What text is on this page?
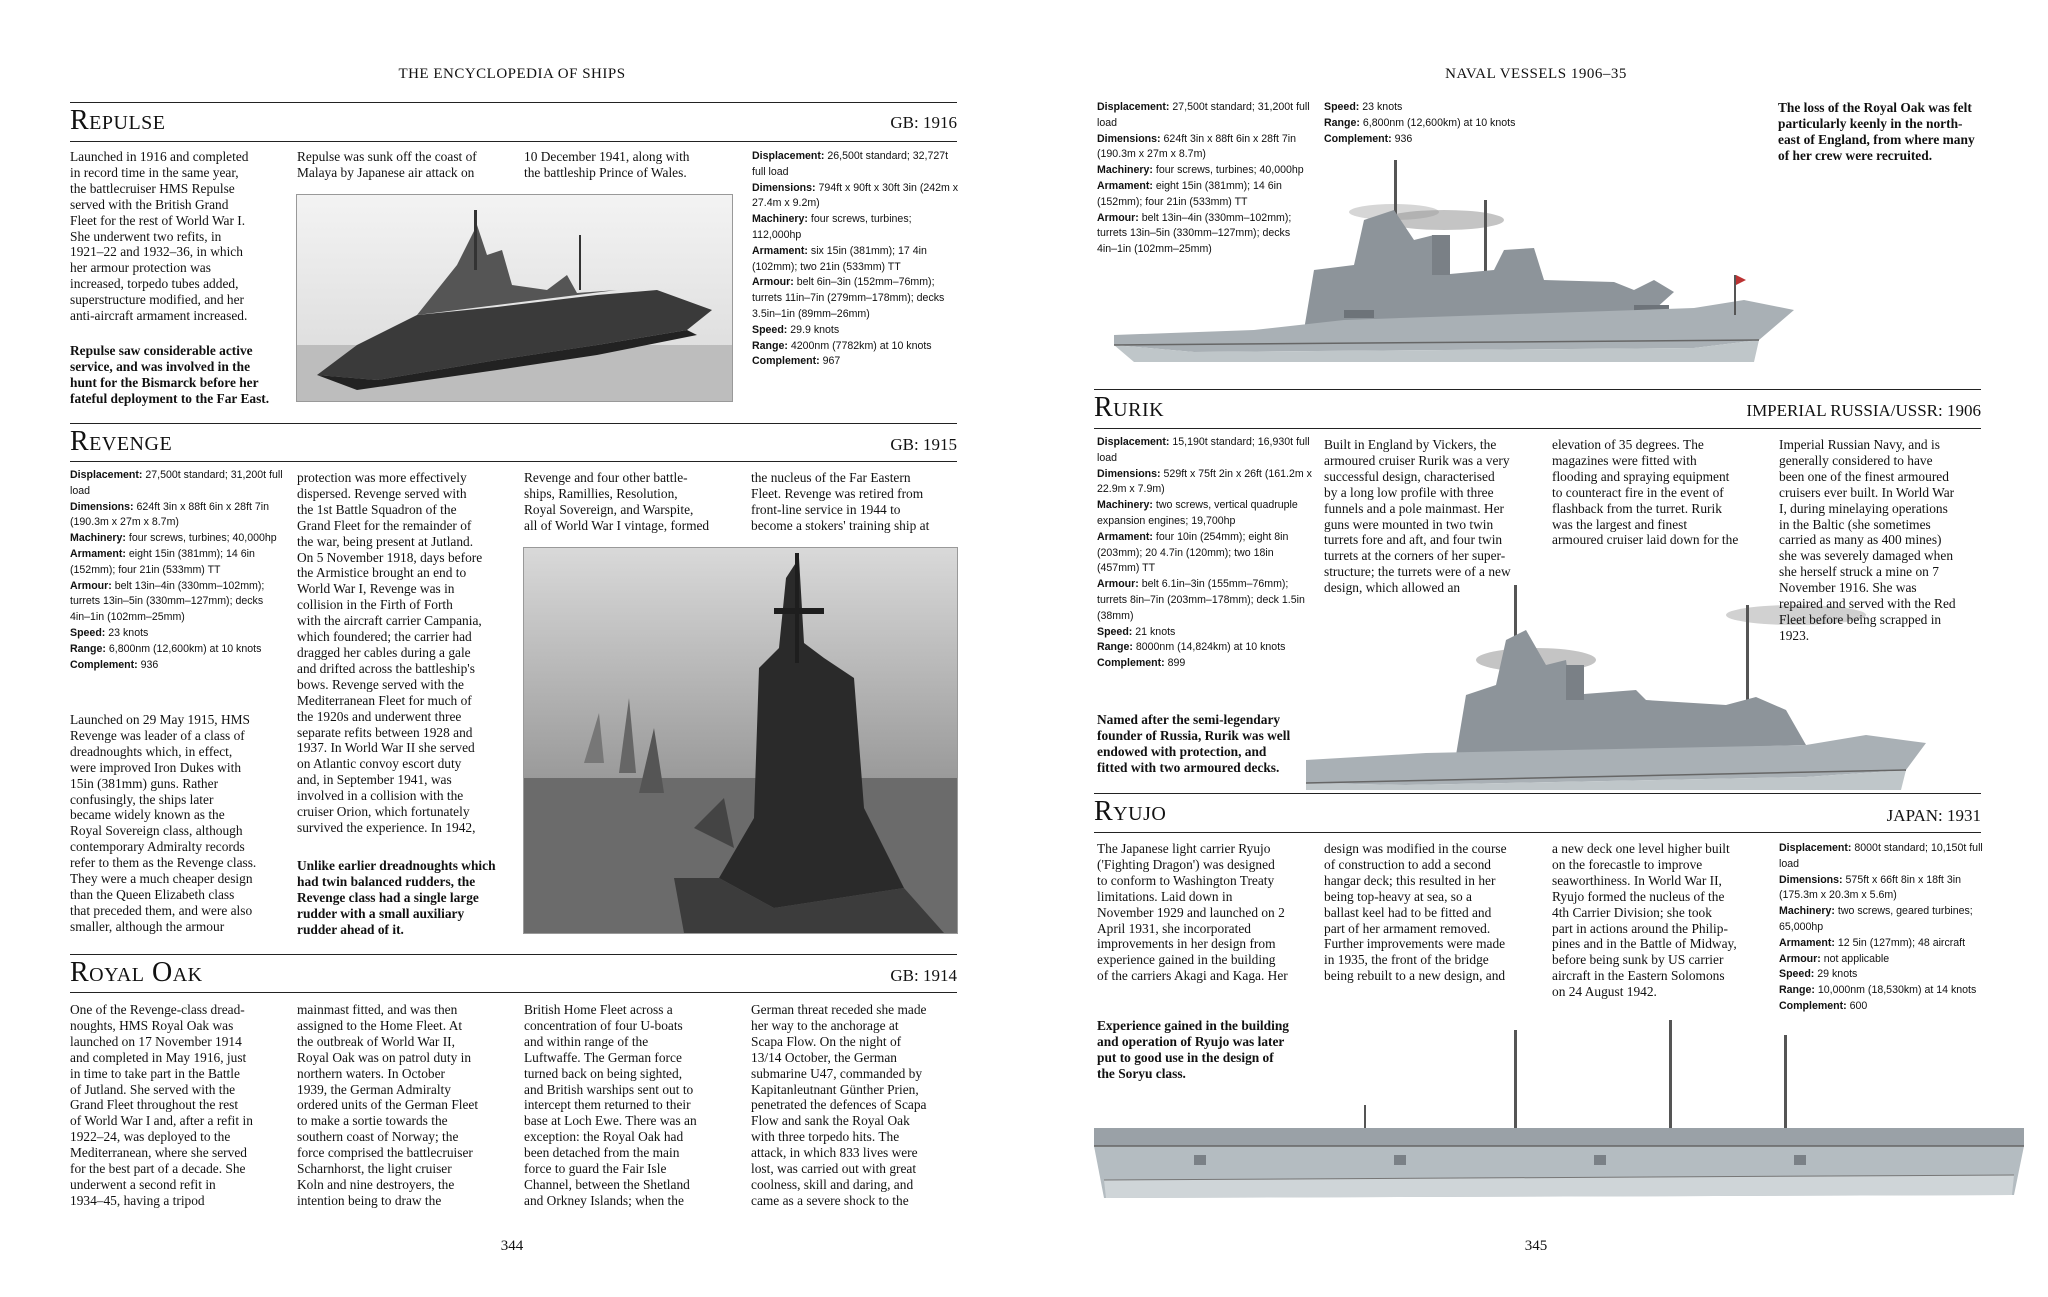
THE ENCYCLOPEDIA OF SHIPS
Repulse	GB: 1916
Launched in 1916 and completed
in record time in the same year,
the battlecruiser HMS Repulse
served with the British Grand
Fleet for the rest of World War I.
She underwent two refits, in
1921–22 and 1932–36, in which
her armour protection was
increased, torpedo tubes added,
superstructure modified, and her
anti-aircraft armament increased.
Repulse saw considerable active
service, and was involved in the
hunt for the Bismarck before her
fateful deployment to the Far East.
Repulse was sunk off the coast of
Malaya by Japanese air attack on
10 December 1941, along with
the battleship Prince of Wales.
Displacement: 26,500t standard; 32,727t full load
Dimensions: 794ft x 90ft x 30ft 3in (242m x 27.4m x 9.2m)
Machinery: four screws, turbines; 112,000hp
Armament: six 15in (381mm); 17 4in (102mm); two 21in (533mm) TT
Armour: belt 6in–3in (152mm–76mm); turrets 11in–7in (279mm–178mm); decks 3.5in–1in (89mm–26mm)
Speed: 29.9 knots
Range: 4200nm (7782km) at 10 knots
Complement: 967
Revenge	GB: 1915
Displacement: 27,500t standard; 31,200t full load
Dimensions: 624ft 3in x 88ft 6in x 28ft 7in (190.3m x 27m x 8.7m)
Machinery: four screws, turbines; 40,000hp
Armament: eight 15in (381mm); 14 6in (152mm); four 21in (533mm) TT
Armour: belt 13in–4in (330mm–102mm); turrets 13in–5in (330mm–127mm); decks 4in–1in (102mm–25mm)
Speed: 23 knots
Range: 6,800nm (12,600km) at 10 knots
Complement: 936
Launched on 29 May 1915, HMS
Revenge was leader of a class of
dreadnoughts which, in effect,
were improved Iron Dukes with
15in (381mm) guns. Rather
confusingly, the ships later
became widely known as the
Royal Sovereign class, although
contemporary Admiralty records
refer to them as the Revenge class.
They were a much cheaper design
than the Queen Elizabeth class
that preceded them, and were also
smaller, although the armour
protection was more effectively
dispersed. Revenge served with
the 1st Battle Squadron of the
Grand Fleet for the remainder of
the war, being present at Jutland.
On 5 November 1918, days before
the Armistice brought an end to
World War I, Revenge was in
collision in the Firth of Forth
with the aircraft carrier Campania,
which foundered; the carrier had
dragged her cables during a gale
and drifted across the battleship's
bows. Revenge served with the
Mediterranean Fleet for much of
the 1920s and underwent three
separate refits between 1928 and
1937. In World War II she served
on Atlantic convoy escort duty
and, in September 1941, was
involved in a collision with the
cruiser Orion, which fortunately
survived the experience. In 1942,
Unlike earlier dreadnoughts which
had twin balanced rudders, the
Revenge class had a single large
rudder with a small auxiliary
rudder ahead of it.
Revenge and four other battle-
ships, Ramillies, Resolution,
Royal Sovereign, and Warspite,
all of World War I vintage, formed
the nucleus of the Far Eastern
Fleet. Revenge was retired from
front-line service in 1944 to
become a stokers' training ship at
Royal Oak	GB: 1914
One of the Revenge-class dread-
noughts, HMS Royal Oak was
launched on 17 November 1914
and completed in May 1916, just
in time to take part in the Battle
of Jutland. She served with the
Grand Fleet throughout the rest
of World War I and, after a refit in
1922–24, was deployed to the
Mediterranean, where she served
for the best part of a decade. She
underwent a second refit in
1934–45, having a tripod
mainmast fitted, and was then
assigned to the Home Fleet. At
the outbreak of World War II,
Royal Oak was on patrol duty in
northern waters. In October
1939, the German Admiralty
ordered units of the German Fleet
to make a sortie towards the
southern coast of Norway; the
force comprised the battlecruiser
Scharnhorst, the light cruiser
Koln and nine destroyers, the
intention being to draw the
British Home Fleet across a
concentration of four U-boats
and within range of the
Luftwaffe. The German force
turned back on being sighted,
and British warships sent out to
intercept them returned to their
base at Loch Ewe. There was an
exception: the Royal Oak had
been detached from the main
force to guard the Fair Isle
Channel, between the Shetland
and Orkney Islands; when the
German threat receded she made
her way to the anchorage at
Scapa Flow. On the night of
13/14 October, the German
submarine U47, commanded by
Kapitanleutnant Günther Prien,
penetrated the defences of Scapa
Flow and sank the Royal Oak
with three torpedo hits. The
attack, in which 833 lives were
lost, was carried out with great
coolness, skill and daring, and
came as a severe shock to the
344
NAVAL VESSELS 1906–35
Displacement: 27,500t standard; 31,200t full load
Dimensions: 624ft 3in x 88ft 6in x 28ft 7in (190.3m x 27m x 8.7m)
Machinery: four screws, turbines; 40,000hp
Armament: eight 15in (381mm); 14 6in (152mm); four 21in (533mm) TT
Armour: belt 13in–4in (330mm–102mm); turrets 13in–5in (330mm–127mm); decks 4in–1in (102mm–25mm)
Speed: 23 knots
Range: 6,800nm (12,600km) at 10 knots
Complement: 936
The loss of the Royal Oak was felt
particularly keenly in the north-
east of England, from where many
of her crew were recruited.
Rurik	IMPERIAL RUSSIA/USSR: 1906
Displacement: 15,190t standard; 16,930t full load
Dimensions: 529ft x 75ft 2in x 26ft (161.2m x 22.9m x 7.9m)
Machinery: two screws, vertical quadruple expansion engines; 19,700hp
Armament: four 10in (254mm); eight 8in (203mm); 20 4.7in (120mm); two 18in (457mm) TT
Armour: belt 6.1in–3in (155mm–76mm); turrets 8in–7in (203mm–178mm); deck 1.5in (38mm)
Speed: 21 knots
Range: 8000nm (14,824km) at 10 knots
Complement: 899
Named after the semi-legendary
founder of Russia, Rurik was well
endowed with protection, and
fitted with two armoured decks.
Built in England by Vickers, the
armoured cruiser Rurik was a very
successful design, characterised
by a long low profile with three
funnels and a pole mainmast. Her
guns were mounted in two twin
turrets fore and aft, and four twin
turrets at the corners of her super-
structure; the turrets were of a new
design, which allowed an
elevation of 35 degrees. The
magazines were fitted with
flooding and spraying equipment
to counteract fire in the event of
flashback from the turret. Rurik
was the largest and finest
armoured cruiser laid down for the
Imperial Russian Navy, and is
generally considered to have
been one of the finest armoured
cruisers ever built. In World War
I, during minelaying operations
in the Baltic (she sometimes
carried as many as 400 mines)
she was severely damaged when
she herself struck a mine on 7
November 1916. She was
repaired and served with the Red
Fleet before being scrapped in
1923.
Ryujo	JAPAN: 1931
The Japanese light carrier Ryujo
('Fighting Dragon') was designed
to conform to Washington Treaty
limitations. Laid down in
November 1929 and launched on 2
April 1931, she incorporated
improvements in her design from
experience gained in the building
of the carriers Akagi and Kaga. Her
Experience gained in the building
and operation of Ryujo was later
put to good use in the design of
the Soryu class.
design was modified in the course
of construction to add a second
hangar deck; this resulted in her
being top-heavy at sea, so a
ballast keel had to be fitted and
part of her armament removed.
Further improvements were made
in 1935, the front of the bridge
being rebuilt to a new design, and
a new deck one level higher built
on the forecastle to improve
seaworthiness. In World War II,
Ryujo formed the nucleus of the
4th Carrier Division; she took
part in actions around the Philip-
pines and in the Battle of Midway,
before being sunk by US carrier
aircraft in the Eastern Solomons
on 24 August 1942.
Displacement: 8000t standard; 10,150t full load
Dimensions: 575ft x 66ft 8in x 18ft 3in (175.3m x 20.3m x 5.6m)
Machinery: two screws, geared turbines; 65,000hp
Armament: 12 5in (127mm); 48 aircraft
Armour: not applicable
Speed: 29 knots
Range: 10,000nm (18,530km) at 14 knots
Complement: 600
345
